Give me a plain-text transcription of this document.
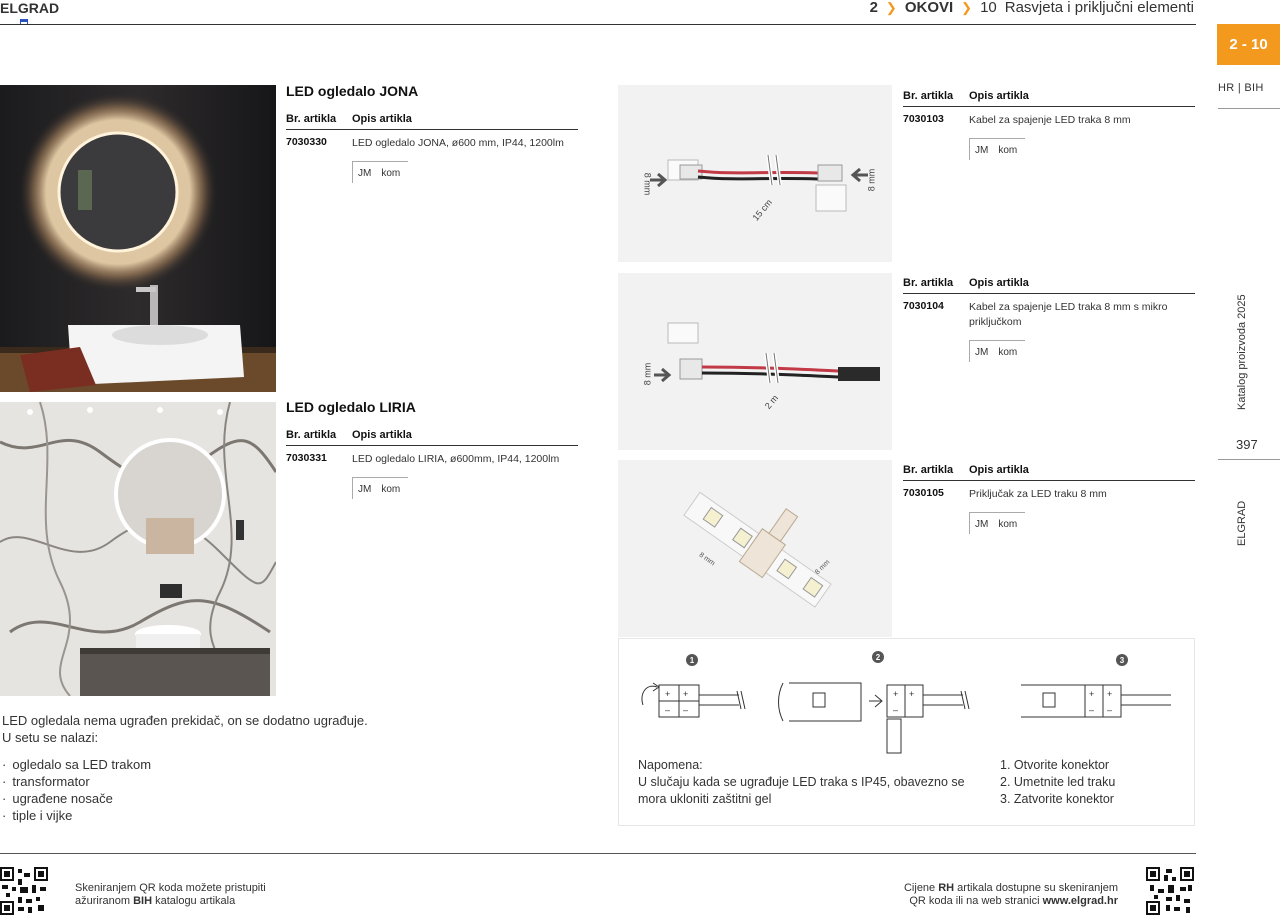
ELGRAD	2 ❯ OKOVI ❯ 10 Rasvjeta i priključni elementi
2 - 10
HR | BIH
Katalog proizvoda 2025
397
ELGRAD
LED ogledalo JONA
Br. artikla	Opis artikla
7030330	LED ogledalo JONA, ø600 mm, IP44, 1200lm
JM kom
LED ogledalo LIRIA
Br. artikla	Opis artikla
7030331	LED ogledalo LIRIA, ø600mm, IP44, 1200lm
JM kom
8 mm	8 mm
15 cm
Br. artikla	Opis artikla
7030103	Kabel za spajenje LED traka 8 mm
JM kom
8 mm
2 m
Br. artikla	Opis artikla
7030104	Kabel za spajenje LED traka 8 mm s mikro priključkom
JM kom
8 mm	8 mm
Br. artikla	Opis artikla
7030105	Priključak za LED traku 8 mm
JM kom
1	2	3
+ +
– –
+ +
–
+ +
– –
Napomena:
U slučaju kada se ugrađuje LED traka s IP45, obavezno se mora ukloniti zaštitni gel
1. Otvorite konektor
2. Umetnite led traku
3. Zatvorite konektor
LED ogledala nema ugrađen prekidač, on se dodatno ugrađuje.
U setu se nalazi:
· ogledalo sa LED trakom
· transformator
· ugrađene nosače
· tiple i vijke
Skeniranjem QR koda možete pristupiti
ažuriranom BIH katalogu artikala
Cijene RH artikala dostupne su skeniranjem
QR koda ili na web stranici www.elgrad.hr
